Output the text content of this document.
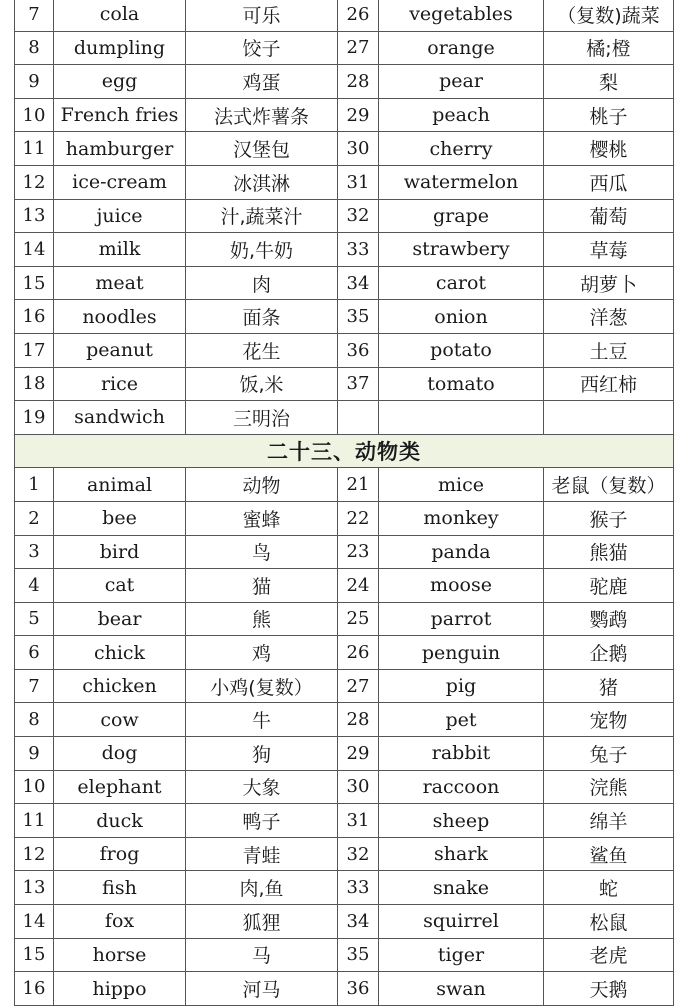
7	cola	可乐	26	vegetables	（复数)蔬菜
8	dumpling	饺子	27	orange	橘;橙
9	egg	鸡蛋	28	pear	梨
10	French fries	法式炸薯条	29	peach	桃子
11	hamburger	汉堡包	30	cherry	樱桃
12	ice-cream	冰淇淋	31	watermelon	西瓜
13	juice	汁,蔬菜汁	32	grape	葡萄
14	milk	奶,牛奶	33	strawbery	草莓
15	meat	肉	34	carot	胡萝卜
16	noodles	面条	35	onion	洋葱
17	peanut	花生	36	potato	土豆
18	rice	饭,米	37	tomato	西红柿
19	sandwich	三明治			
二十三、动物类					
1	animal	动物	21	mice	老鼠（复数）
2	bee	蜜蜂	22	monkey	猴子
3	bird	鸟	23	panda	熊猫
4	cat	猫	24	moose	驼鹿
5	bear	熊	25	parrot	鹦鹉
6	chick	鸡	26	penguin	企鹅
7	chicken	小鸡(复数）	27	pig	猪
8	cow	牛	28	pet	宠物
9	dog	狗	29	rabbit	兔子
10	elephant	大象	30	raccoon	浣熊
11	duck	鸭子	31	sheep	绵羊
12	frog	青蛙	32	shark	鲨鱼
13	fish	肉,鱼	33	snake	蛇
14	fox	狐狸	34	squirrel	松鼠
15	horse	马	35	tiger	老虎
16	hippo	河马	36	swan	天鹅
